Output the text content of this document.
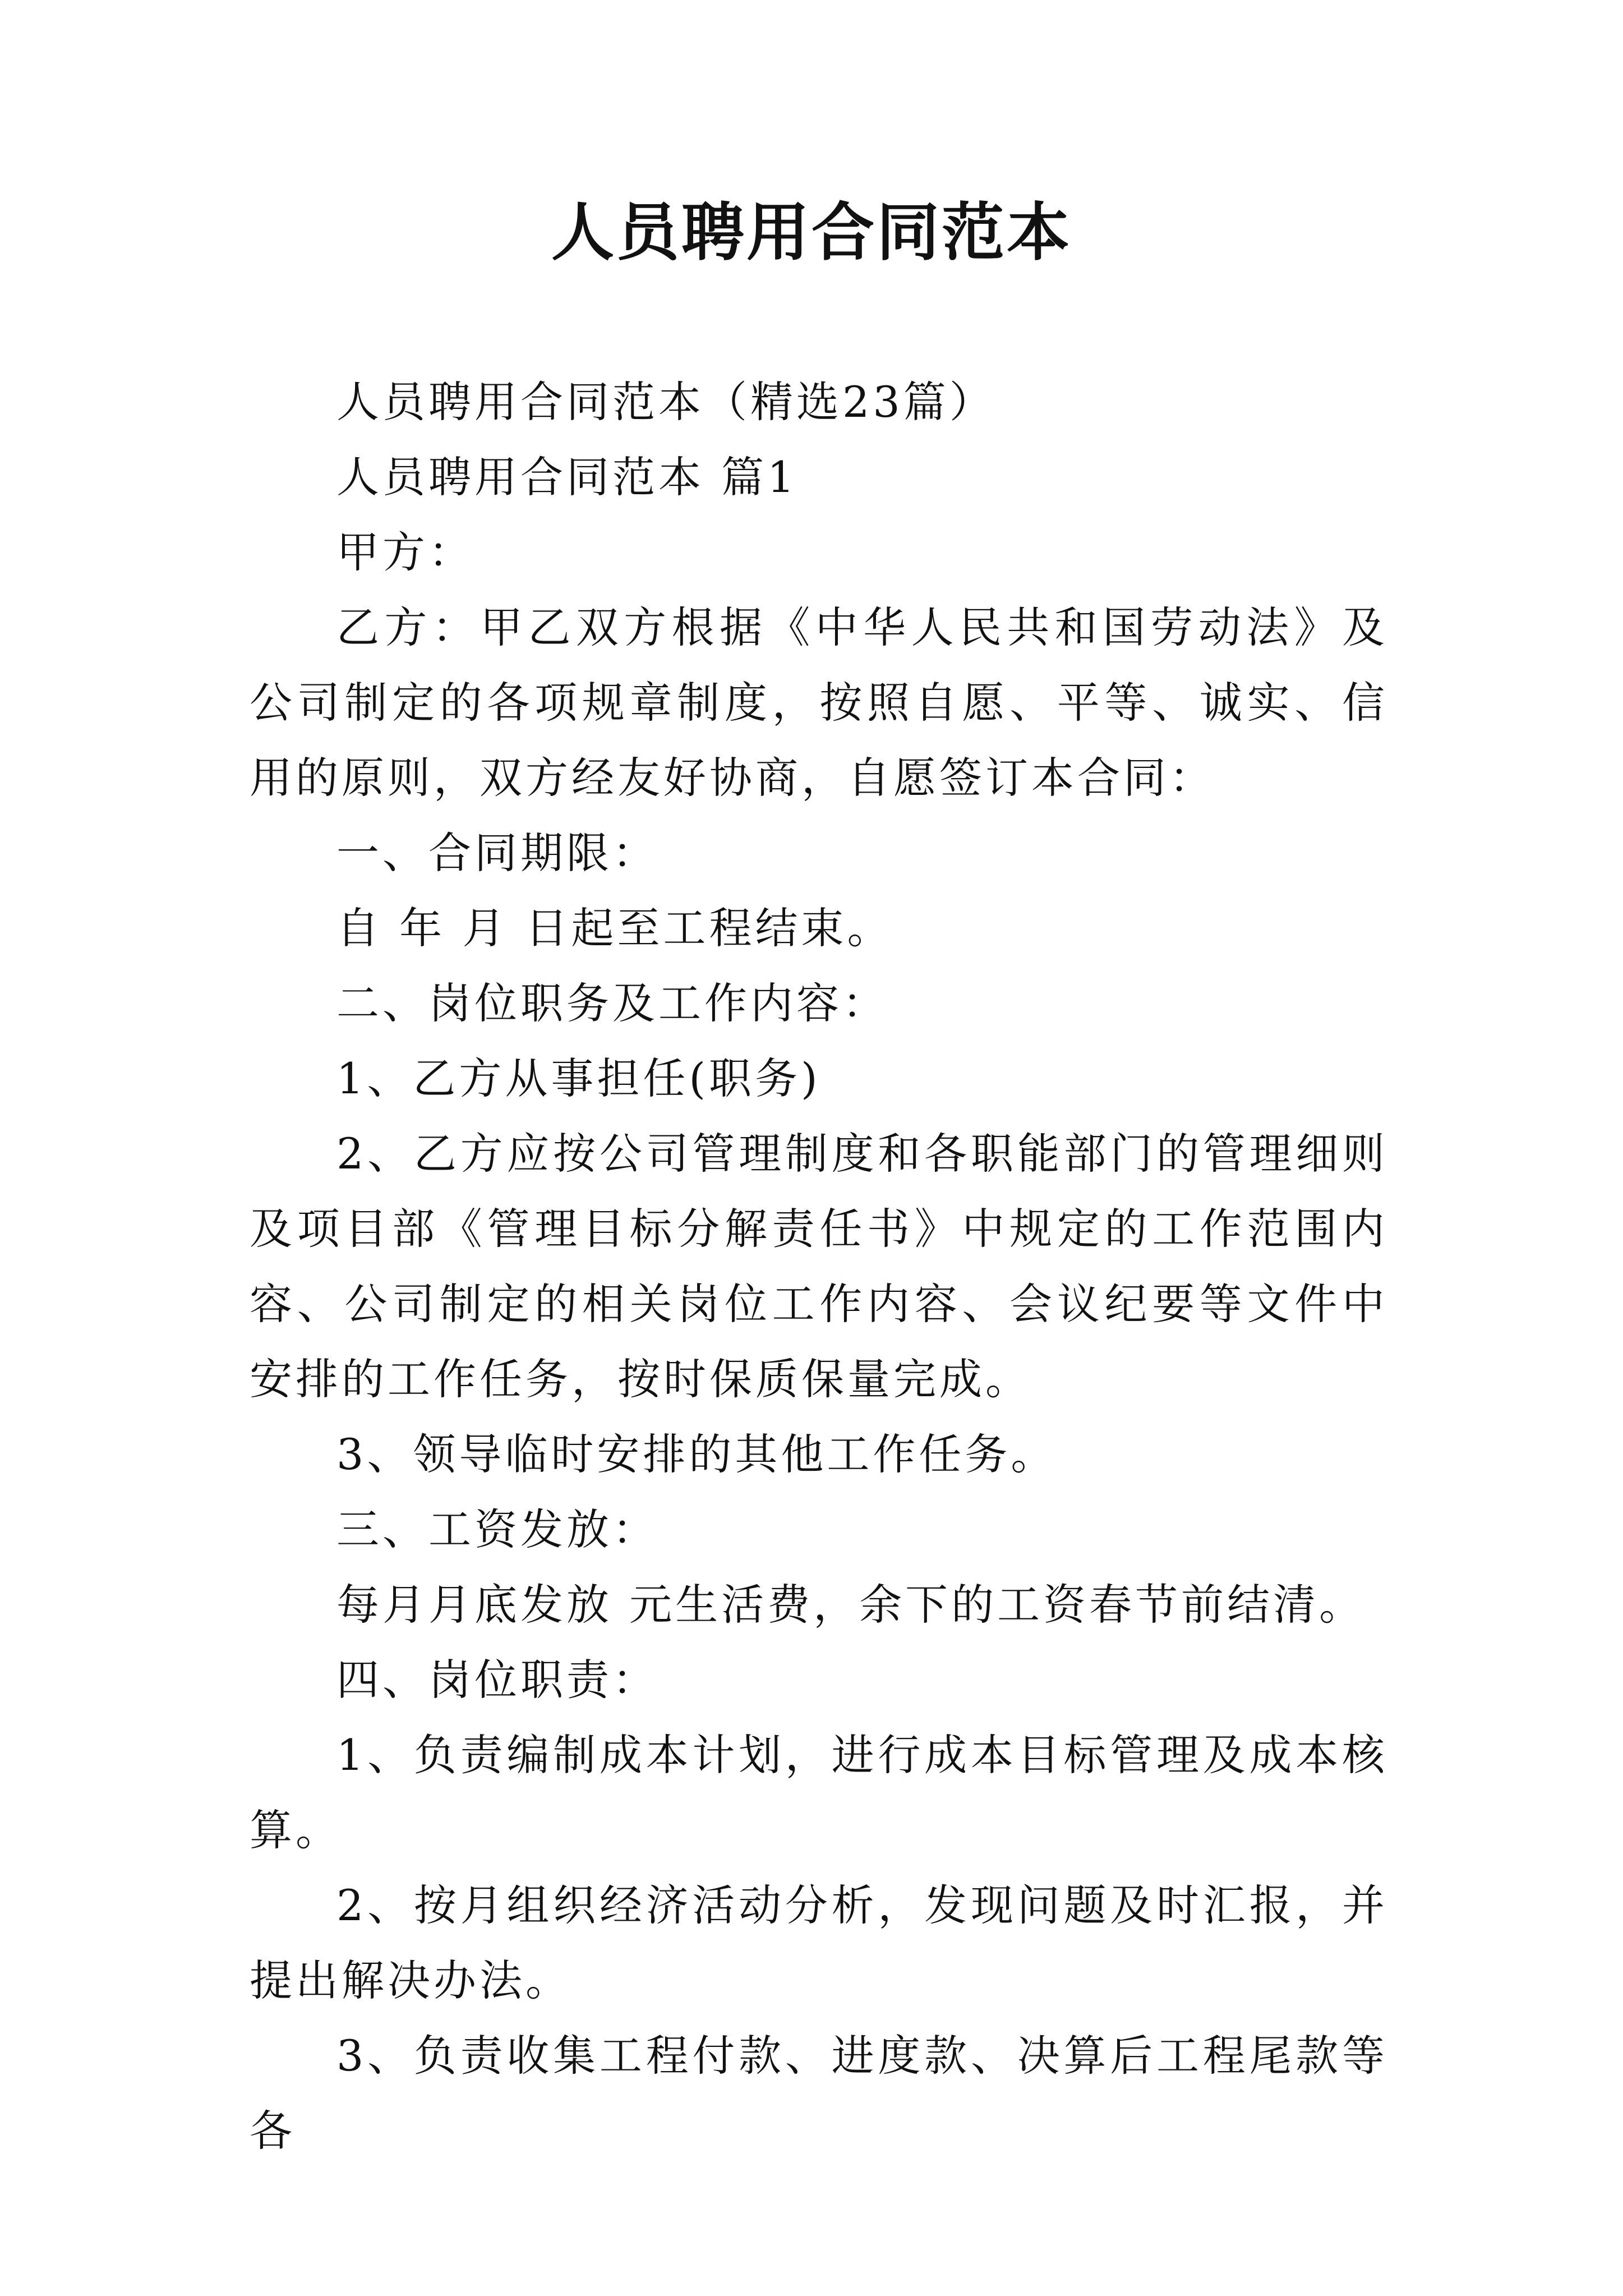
人员聘用合同范本

人员聘用合同范本（精选23篇）

人员聘用合同范本 篇1

甲方：

乙方：甲乙双方根据《中华人民共和国劳动法》及公司制定的各项规章制度，按照自愿、平等、诚实、信用的原则，双方经友好协商，自愿签订本合同：

一、合同期限：

自 年 月 日起至工程结束。

二、岗位职务及工作内容：

1、乙方从事担任(职务)

2、乙方应按公司管理制度和各职能部门的管理细则及项目部《管理目标分解责任书》中规定的工作范围内容、公司制定的相关岗位工作内容、会议纪要等文件中安排的工作任务，按时保质保量完成。

3、领导临时安排的其他工作任务。

三、工资发放：

每月月底发放 元生活费，余下的工资春节前结清。

四、岗位职责：

1、负责编制成本计划，进行成本目标管理及成本核算。

2、按月组织经济活动分析，发现问题及时汇报，并提出解决办法。

3、负责收集工程付款、进度款、决算后工程尾款等各
